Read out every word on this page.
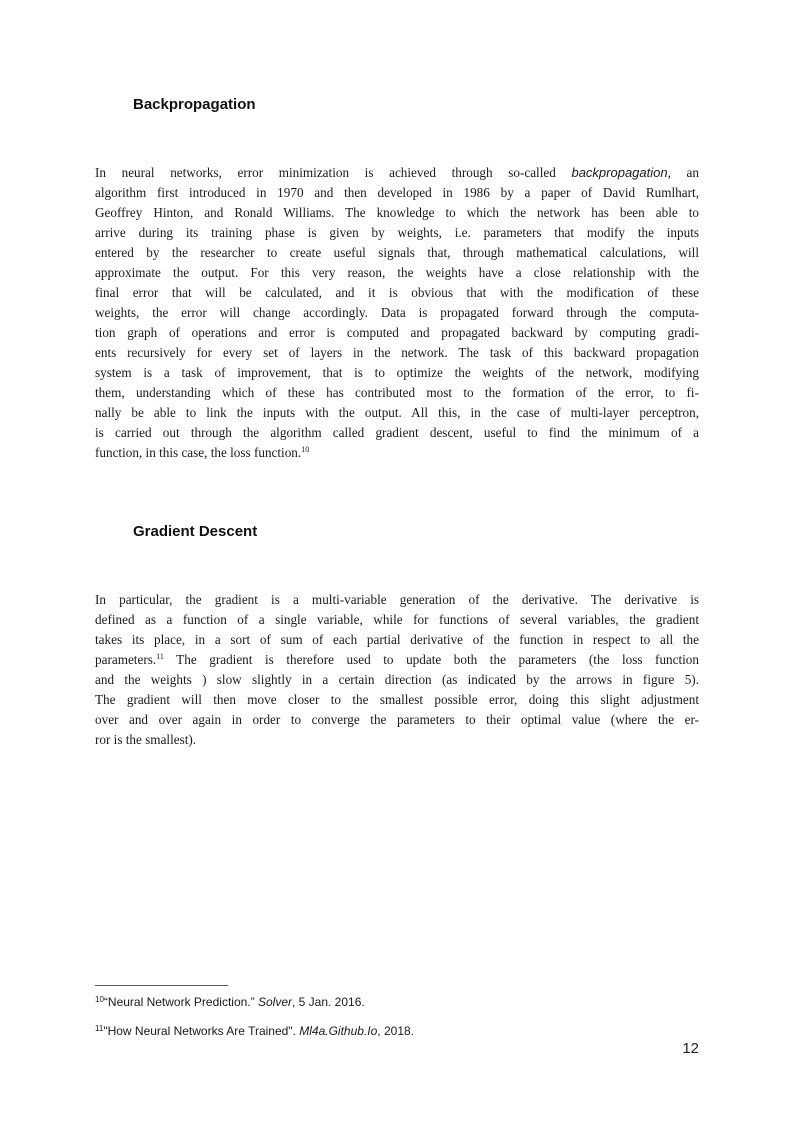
Backpropagation
In neural networks, error minimization is achieved through so-called backpropagation, an
algorithm first introduced in 1970 and then developed in 1986 by a paper of David Rumlhart,
Geoffrey Hinton, and Ronald Williams. The knowledge to which the network has been able to
arrive during its training phase is given by weights, i.e. parameters that modify the inputs
entered by the researcher to create useful signals that, through mathematical calculations, will
approximate the output. For this very reason, the weights have a close relationship with the
final error that will be calculated, and it is obvious that with the modification of these
weights, the error will change accordingly. Data is propagated forward through the computa-
tion graph of operations and error is computed and propagated backward by computing gradi-
ents recursively for every set of layers in the network. The task of this backward propagation
system is a task of improvement, that is to optimize the weights of the network, modifying
them, understanding which of these has contributed most to the formation of the error, to fi-
nally be able to link the inputs with the output. All this, in the case of multi-layer perceptron,
is carried out through the algorithm called gradient descent, useful to find the minimum of a
function, in this case, the loss function.$^{10}$
Gradient Descent
In particular, the gradient is a multi-variable generation of the derivative. The derivative is
defined as a function of a single variable, while for functions of several variables, the gradient
takes its place, in a sort of sum of each partial derivative of the function in respect to all the
parameters.$^{11}$ The gradient is therefore used to update both the parameters (the loss function
and the weights ) slow slightly in a certain direction (as indicated by the arrows in figure 5).
The gradient will then move closer to the smallest possible error, doing this slight adjustment
over and over again in order to converge the parameters to their optimal value (where the er-
ror is the smallest).
$^{10}$“Neural Network Prediction.” Solver, 5 Jan. 2016.
$^{11}$"How Neural Networks Are Trained". Ml4a.Github.Io, 2018.
12
